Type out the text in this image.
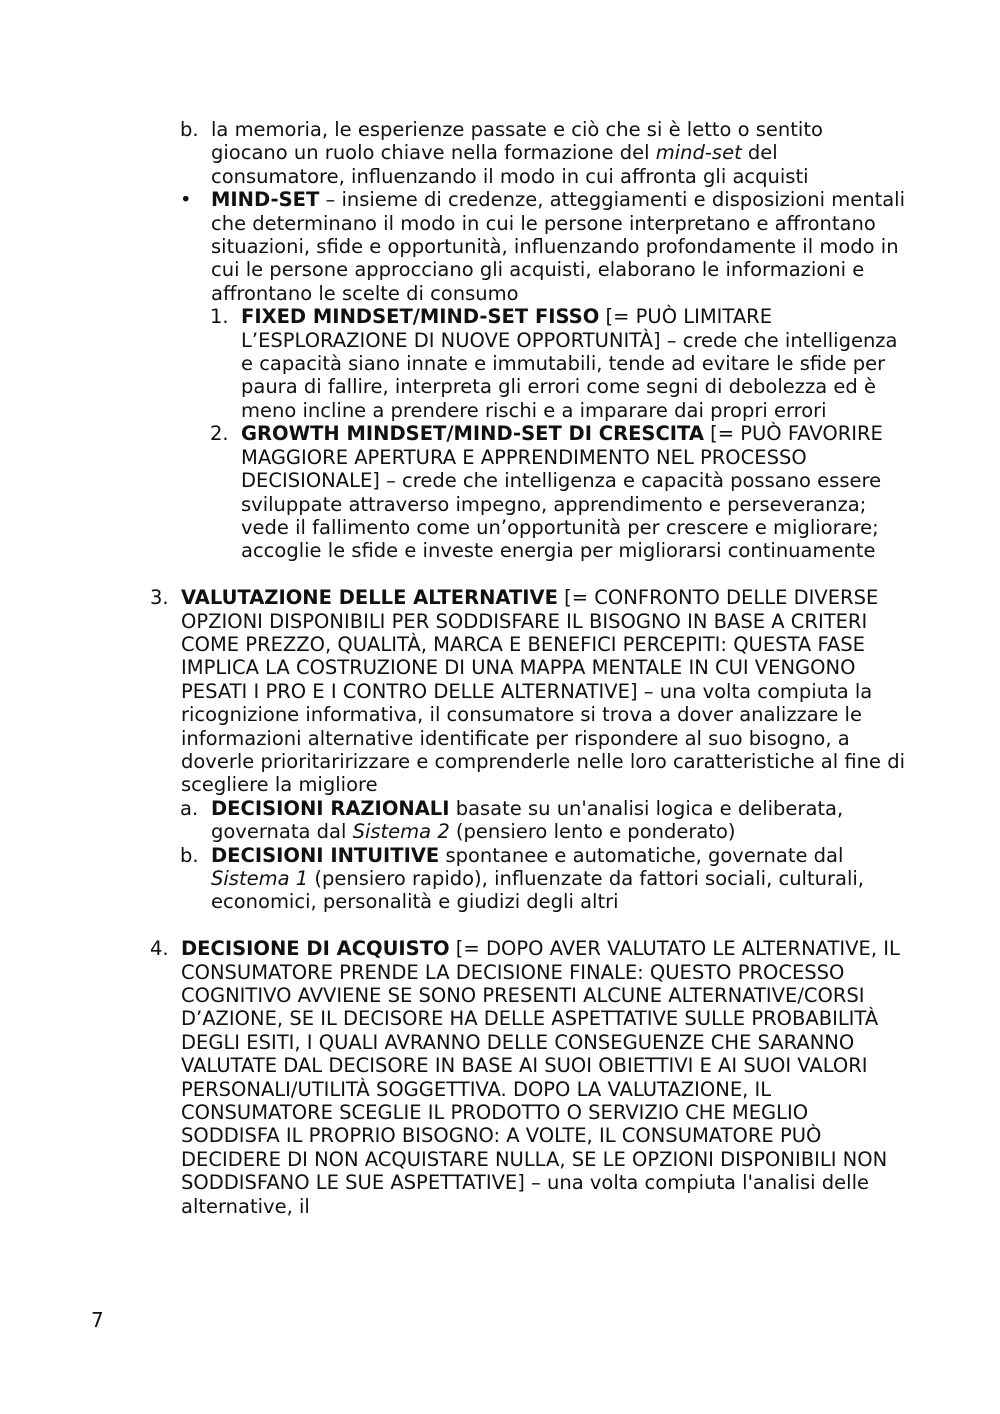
b. la memoria, le esperienze passate e ciò che si è letto o sentito giocano un ruolo chiave nella formazione del mind-set del consumatore, influenzando il modo in cui affronta gli acquisti
• MIND-SET – insieme di credenze, atteggiamenti e disposizioni mentali che determinano il modo in cui le persone interpretano e affrontano situazioni, sfide e opportunità, influenzando profondamente il modo in cui le persone approcciano gli acquisti, elaborano le informazioni e affrontano le scelte di consumo
1. FIXED MINDSET/MIND-SET FISSO [= PUÒ LIMITARE L’ESPLORAZIONE DI NUOVE OPPORTUNITÀ] – crede che intelligenza e capacità siano innate e immutabili, tende ad evitare le sfide per paura di fallire, interpreta gli errori come segni di debolezza ed è meno incline a prendere rischi e a imparare dai propri errori
2. GROWTH MINDSET/MIND-SET DI CRESCITA [= PUÒ FAVORIRE MAGGIORE APERTURA E APPRENDIMENTO NEL PROCESSO DECISIONALE] – crede che intelligenza e capacità possano essere sviluppate attraverso impegno, apprendimento e perseveranza; vede il fallimento come un’opportunità per crescere e migliorare; accoglie le sfide e investe energia per migliorarsi continuamente
3. VALUTAZIONE DELLE ALTERNATIVE [= CONFRONTO DELLE DIVERSE OPZIONI DISPONIBILI PER SODDISFARE IL BISOGNO IN BASE A CRITERI COME PREZZO, QUALITÀ, MARCA E BENEFICI PERCEPITI: QUESTA FASE IMPLICA LA COSTRUZIONE DI UNA MAPPA MENTALE IN CUI VENGONO PESATI I PRO E I CONTRO DELLE ALTERNATIVE] – una volta compiuta la ricognizione informativa, il consumatore si trova a dover analizzare le informazioni alternative identificate per rispondere al suo bisogno, a doverle prioritaririzzare e comprenderle nelle loro caratteristiche al fine di scegliere la migliore
a. DECISIONI RAZIONALI basate su un'analisi logica e deliberata, governata dal Sistema 2 (pensiero lento e ponderato)
b. DECISIONI INTUITIVE spontanee e automatiche, governate dal Sistema 1 (pensiero rapido), influenzate da fattori sociali, culturali, economici, personalità e giudizi degli altri
4. DECISIONE DI ACQUISTO [= DOPO AVER VALUTATO LE ALTERNATIVE, IL CONSUMATORE PRENDE LA DECISIONE FINALE: QUESTO PROCESSO COGNITIVO AVVIENE SE SONO PRESENTI ALCUNE ALTERNATIVE/CORSI D’AZIONE, SE IL DECISORE HA DELLE ASPETTATIVE SULLE PROBABILITÀ DEGLI ESITI, I QUALI AVRANNO DELLE CONSEGUENZE CHE SARANNO VALUTATE DAL DECISORE IN BASE AI SUOI OBIETTIVI E AI SUOI VALORI PERSONALI/UTILITÀ SOGGETTIVA. DOPO LA VALUTAZIONE, IL CONSUMATORE SCEGLIE IL PRODOTTO O SERVIZIO CHE MEGLIO SODDISFA IL PROPRIO BISOGNO: A VOLTE, IL CONSUMATORE PUÒ DECIDERE DI NON ACQUISTARE NULLA, SE LE OPZIONI DISPONIBILI NON SODDISFANO LE SUE ASPETTATIVE] – una volta compiuta l'analisi delle alternative, il
7
